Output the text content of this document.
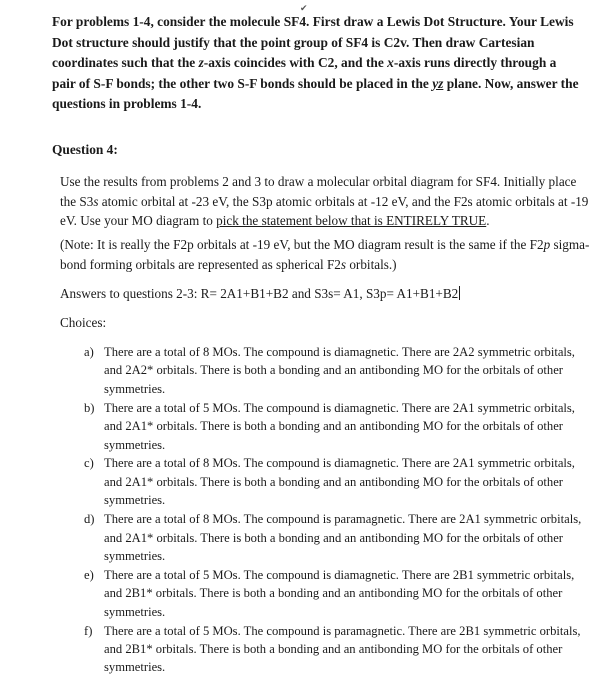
✔
For problems 1-4, consider the molecule SF4. First draw a Lewis Dot Structure. Your Lewis Dot structure should justify that the point group of SF4 is C2v. Then draw Cartesian coordinates such that the z-axis coincides with C2, and the x-axis runs directly through a pair of S-F bonds; the other two S-F bonds should be placed in the yz plane. Now, answer the questions in problems 1-4.
Question 4:
Use the results from problems 2 and 3 to draw a molecular orbital diagram for SF4. Initially place the S3s atomic orbital at -23 eV, the S3p atomic orbitals at -12 eV, and the F2s atomic orbitals at -19 eV. Use your MO diagram to pick the statement below that is ENTIRELY TRUE.
(Note: It is really the F2p orbitals at -19 eV, but the MO diagram result is the same if the F2p sigma-bond forming orbitals are represented as spherical F2s orbitals.)
Answers to questions 2-3: R= 2A1+B1+B2 and S3s= A1, S3p= A1+B1+B2
Choices:
a) There are a total of 8 MOs. The compound is diamagnetic. There are 2A2 symmetric orbitals, and 2A2* orbitals. There is both a bonding and an antibonding MO for the orbitals of other symmetries.
b) There are a total of 5 MOs. The compound is diamagnetic. There are 2A1 symmetric orbitals, and 2A1* orbitals. There is both a bonding and an antibonding MO for the orbitals of other symmetries.
c) There are a total of 8 MOs. The compound is diamagnetic. There are 2A1 symmetric orbitals, and 2A1* orbitals. There is both a bonding and an antibonding MO for the orbitals of other symmetries.
d) There are a total of 8 MOs. The compound is paramagnetic. There are 2A1 symmetric orbitals, and 2A1* orbitals. There is both a bonding and an antibonding MO for the orbitals of other symmetries.
e) There are a total of 5 MOs. The compound is diamagnetic. There are 2B1 symmetric orbitals, and 2B1* orbitals. There is both a bonding and an antibonding MO for the orbitals of other symmetries.
f) There are a total of 5 MOs. The compound is paramagnetic. There are 2B1 symmetric orbitals, and 2B1* orbitals. There is both a bonding and an antibonding MO for the orbitals of other symmetries.
